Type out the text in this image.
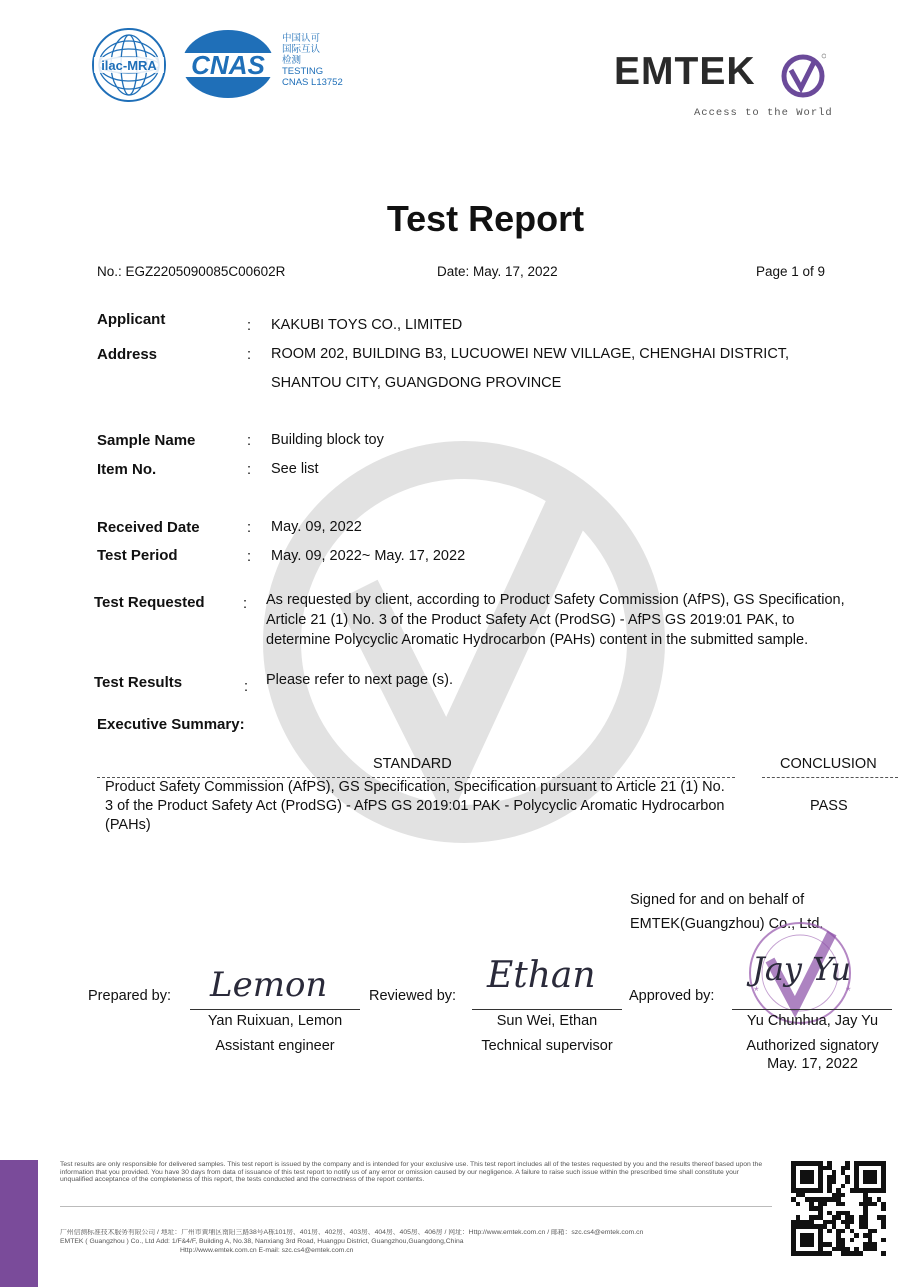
ilac-MRA CNAS
中国认可
国际互认
检测
TESTING
CNAS L13752	EMTEK
Access to the World
Test Report
No.: EGZ2205090085C00602R	Date: May. 17, 2022	Page 1 of 9
Applicant	: KAKUBI TOYS CO., LIMITED
Address	: ROOM 202, BUILDING B3, LUCUOWEI NEW VILLAGE, CHENGHAI DISTRICT,
SHANTOU CITY, GUANGDONG PROVINCE
Sample Name	: Building block toy
Item No.	: See list
Received Date	: May. 09, 2022
Test Period	: May. 09, 2022~ May. 17, 2022
Test Requested	: As requested by client, according to Product Safety Commission (AfPS), GS Specification, Article 21 (1) No. 3 of the Product Safety Act (ProdSG) - AfPS GS 2019:01 PAK, to determine Polycyclic Aromatic Hydrocarbon (PAHs) content in the submitted sample.
Test Results	: Please refer to next page (s).
Executive Summary:
STANDARD	CONCLUSION
Product Safety Commission (AfPS), GS Specification, Specification pursuant to Article 21 (1) No. 3 of the Product Safety Act (ProdSG) - AfPS GS 2019:01 PAK - Polycyclic Aromatic Hydrocarbon (PAHs)
PASS
Signed for and on behalf of
EMTEK(Guangzhou) Co., Ltd.
Prepared by: Lemon
Yan Ruixuan, Lemon
Assistant engineer
Reviewed by: Ethan
Sun Wei, Ethan
Technical supervisor
Approved by:	*	*
Jay Yu
Yu Chunhua, Jay Yu
Authorized signatory
May. 17, 2022
Test results are only responsible for delivered samples. This test report is issued by the company and is intended for your exclusive use. This test report includes all of the testes requested by you and the results thereof based upon the information that you provided. You have 30 days from data of issuance of this test report to notify us of any error or omission caused by our negligence. A failure to raise such issue within the prescribed time shall constitute your unqualified acceptance of the completeness of this report, the tests conducted and the correctness of the report contents.
广州信测标准技术服务有限公司 / 地址：广州市黄埔区南阳三路38号A栋101房、401房、402房、403房、404房、405房、406房 / 网址：Http://www.emtek.com.cn / 邮箱：szc.cs4@emtek.com.cn
EMTEK ( Guangzhou ) Co., Ltd Add: 1/F&4/F, Building A, No.38, Nanxiang 3rd Road, Huangpu District, Guangzhou,Guangdong,China
Http://www.emtek.com.cn E-mail: szc.cs4@emtek.com.cn
